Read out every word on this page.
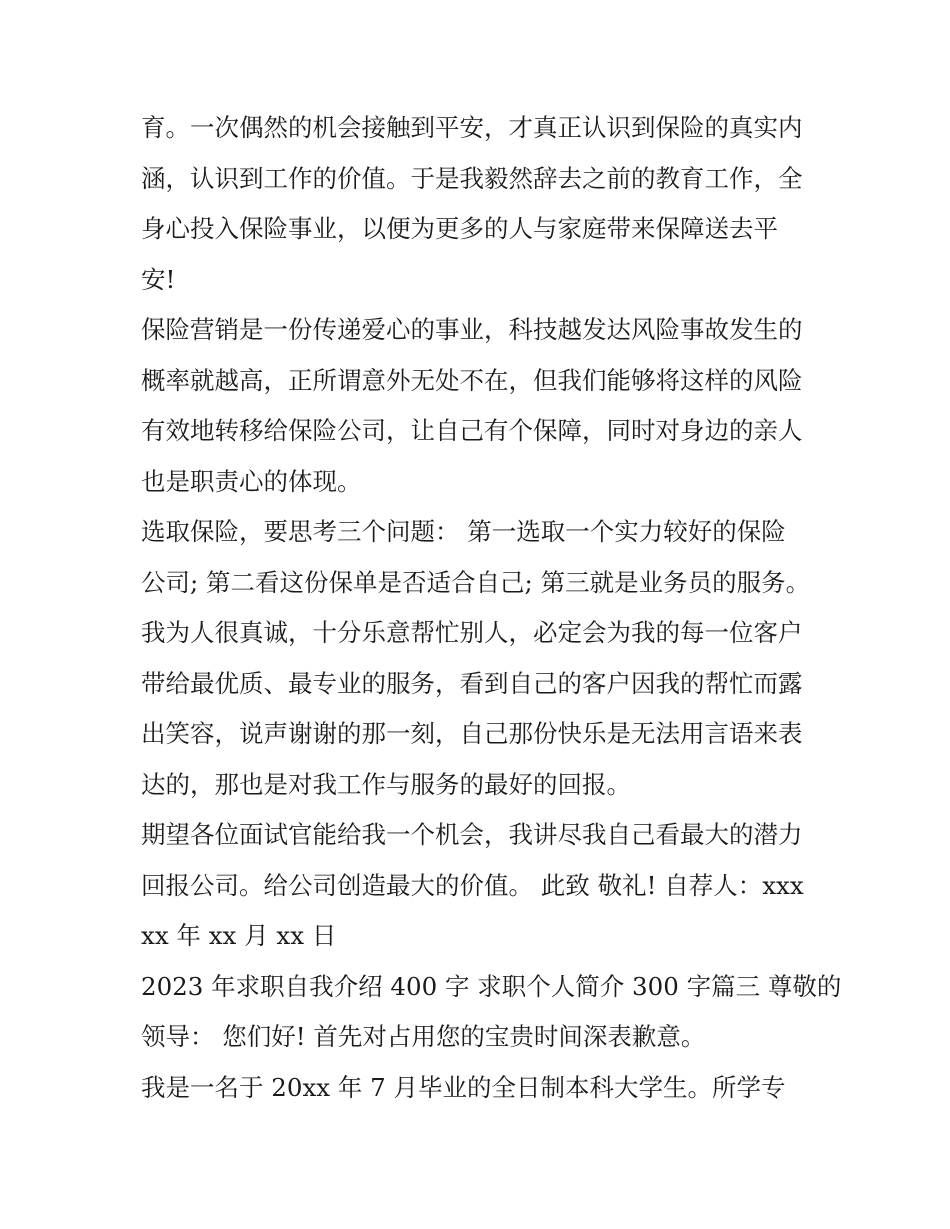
育。一次偶然的机会接触到平安，才真正认识到保险的真实内
涵，认识到工作的价值。于是我毅然辞去之前的教育工作，全
身心投入保险事业，以便为更多的人与家庭带来保障送去平
安!
保险营销是一份传递爱心的事业，科技越发达风险事故发生的
概率就越高，正所谓意外无处不在，但我们能够将这样的风险
有效地转移给保险公司，让自己有个保障，同时对身边的亲人
也是职责心的体现。
选取保险，要思考三个问题： 第一选取一个实力较好的保险
公司; 第二看这份保单是否适合自己; 第三就是业务员的服务。
我为人很真诚，十分乐意帮忙别人，必定会为我的每一位客户
带给最优质、最专业的服务，看到自己的客户因我的帮忙而露
出笑容，说声谢谢的那一刻，自己那份快乐是无法用言语来表
达的，那也是对我工作与服务的最好的回报。
期望各位面试官能给我一个机会，我讲尽我自己看最大的潜力
回报公司。给公司创造最大的价值。 此致 敬礼! 自荐人：xxx
xx 年 xx 月 xx 日
2023 年求职自我介绍 400 字 求职个人简介 300 字篇三 尊敬的
领导： 您们好! 首先对占用您的宝贵时间深表歉意。
我是一名于 20xx 年 7 月毕业的全日制本科大学生。所学专
